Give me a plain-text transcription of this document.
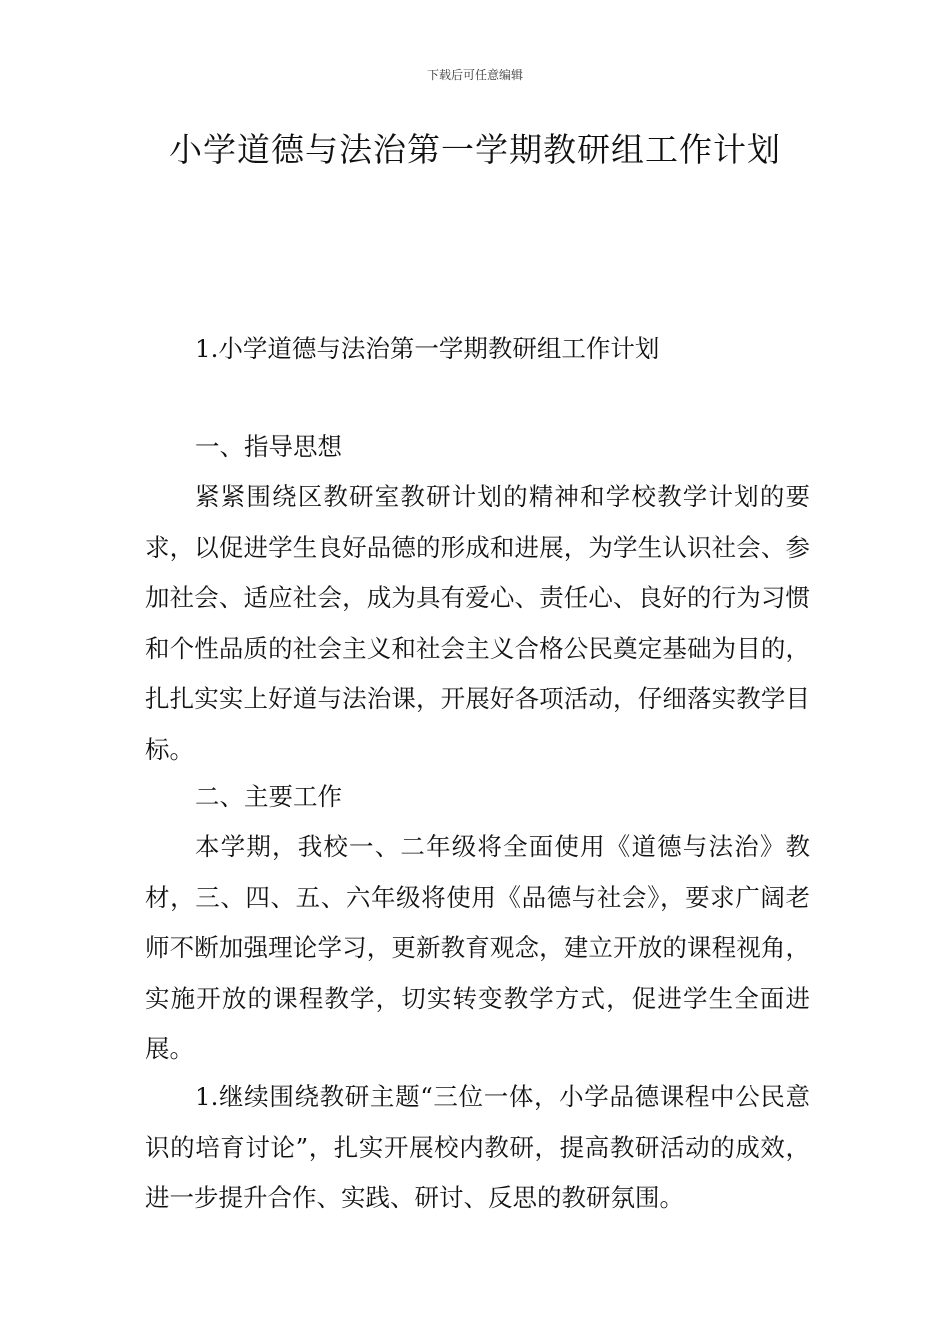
下载后可任意编辑
小学道德与法治第一学期教研组工作计划

1.小学道德与法治第一学期教研组工作计划

一、指导思想

紧紧围绕区教研室教研计划的精神和学校教学计划的要求，以促进学生良好品德的形成和进展，为学生认识社会、参加社会、适应社会，成为具有爱心、责任心、良好的行为习惯和个性品质的社会主义和社会主义合格公民奠定基础为目的，扎扎实实上好道与法治课，开展好各项活动，仔细落实教学目标。

二、主要工作

本学期，我校一、二年级将全面使用《道德与法治》教材，三、四、五、六年级将使用《品德与社会》，要求广阔老师不断加强理论学习，更新教育观念，建立开放的课程视角，实施开放的课程教学，切实转变教学方式，促进学生全面进展。

1.继续围绕教研主题“三位一体，小学品德课程中公民意识的培育讨论”，扎实开展校内教研，提高教研活动的成效，进一步提升合作、实践、研讨、反思的教研氛围。
